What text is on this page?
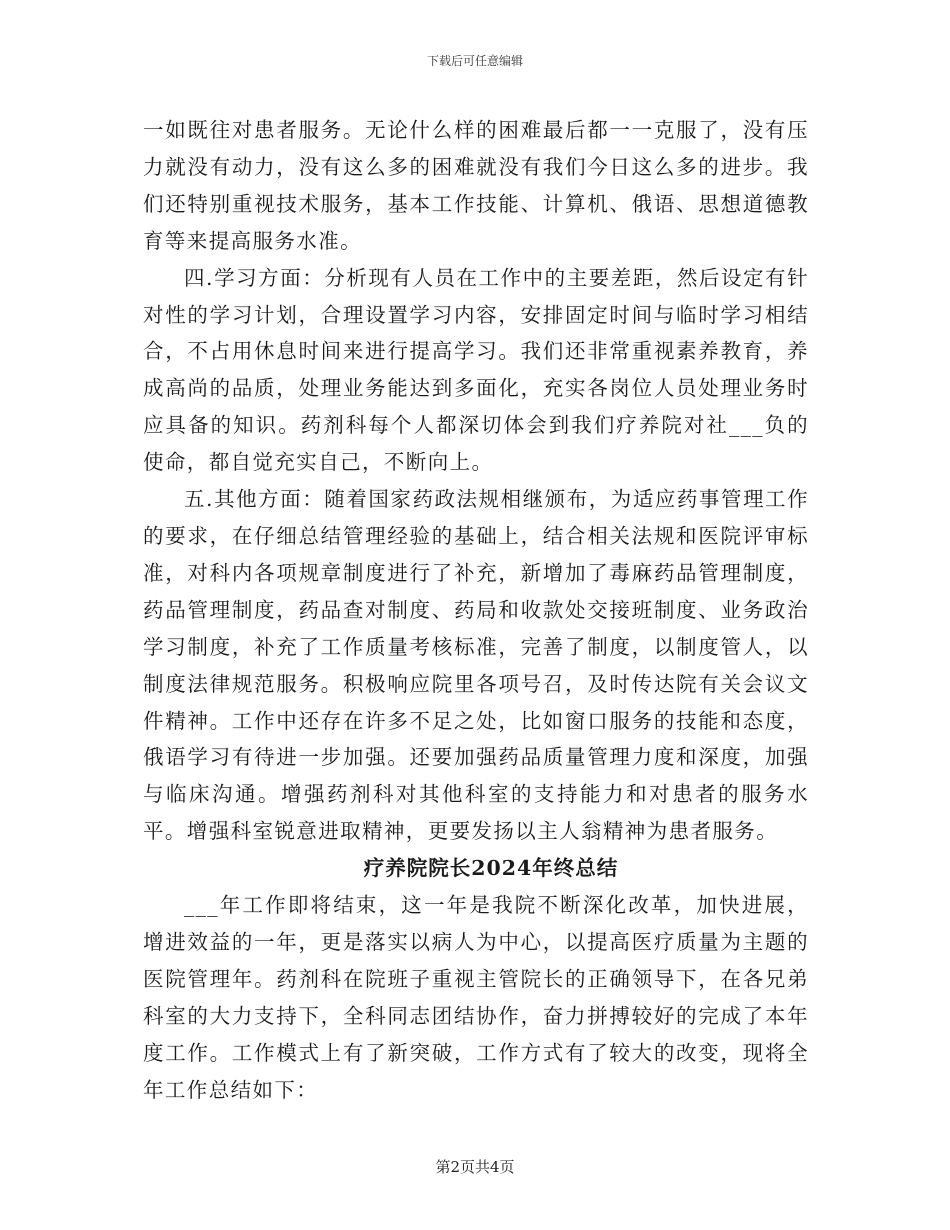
下载后可任意编辑

一如既往对患者服务。无论什么样的困难最后都一一克服了，没有压力就没有动力，没有这么多的困难就没有我们今日这么多的进步。我们还特别重视技术服务，基本工作技能、计算机、俄语、思想道德教育等来提高服务水准。

四.学习方面：分析现有人员在工作中的主要差距，然后设定有针对性的学习计划，合理设置学习内容，安排固定时间与临时学习相结合，不占用休息时间来进行提高学习。我们还非常重视素养教育，养成高尚的品质，处理业务能达到多面化，充实各岗位人员处理业务时应具备的知识。药剂科每个人都深切体会到我们疗养院对社___负的使命，都自觉充实自己，不断向上。

五.其他方面：随着国家药政法规相继颁布，为适应药事管理工作的要求，在仔细总结管理经验的基础上，结合相关法规和医院评审标准，对科内各项规章制度进行了补充，新增加了毒麻药品管理制度，药品管理制度，药品查对制度、药局和收款处交接班制度、业务政治学习制度，补充了工作质量考核标准，完善了制度，以制度管人，以制度法律规范服务。积极响应院里各项号召，及时传达院有关会议文件精神。工作中还存在许多不足之处，比如窗口服务的技能和态度，俄语学习有待进一步加强。还要加强药品质量管理力度和深度，加强与临床沟通。增强药剂科对其他科室的支持能力和对患者的服务水平。增强科室锐意进取精神，更要发扬以主人翁精神为患者服务。

疗养院院长2024年终总结

___年工作即将结束，这一年是我院不断深化改革，加快进展，增进效益的一年，更是落实以病人为中心，以提高医疗质量为主题的医院管理年。药剂科在院班子重视主管院长的正确领导下，在各兄弟科室的大力支持下，全科同志团结协作，奋力拼搏较好的完成了本年度工作。工作模式上有了新突破，工作方式有了较大的改变，现将全年工作总结如下：

第2页共4页
